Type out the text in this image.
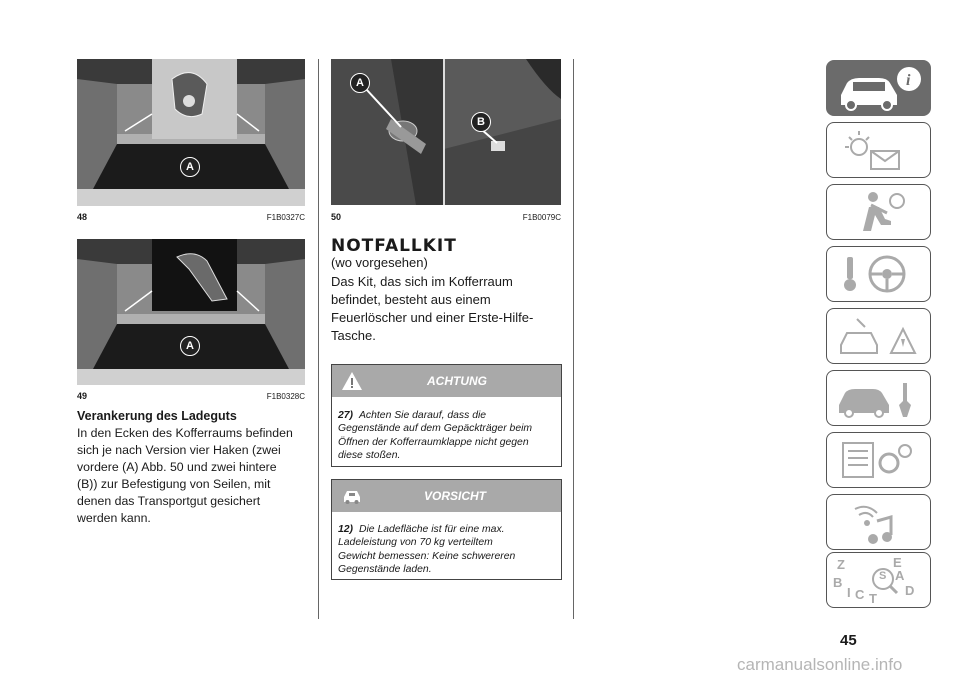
A
48	F1B0327C
A
49	F1B0328C
Verankerung des Ladeguts

In den Ecken des Kofferraums befinden

sich je nach Version vier Haken (zwei

vordere (A) Abb. 50 und zwei hintere

(B)) zur Befestigung von Seilen, mit

denen das Transportgut gesichert

werden kann.

A
B
50	F1B0079C
NOTFALLKIT

(wo vorgesehen)

Das Kit, das sich im Kofferraum

befindet, besteht aus einem

Feuerlöscher und einer Erste-Hilfe-

Tasche.

ACHTUNG
27) Achten Sie darauf, dass die

Gegenstände auf dem Gepäckträger beim

Öffnen der Kofferraumklappe nicht gegen

diese stoßen.

VORSICHT
12) Die Ladefläche ist für eine max.

Ladeleistung von 70 kg verteiltem

Gewicht bemessen: Keine schwereren

Gegenstände laden.

i
Z	E
S
B	A
C T
D
I
45
carmanualsonline.info
